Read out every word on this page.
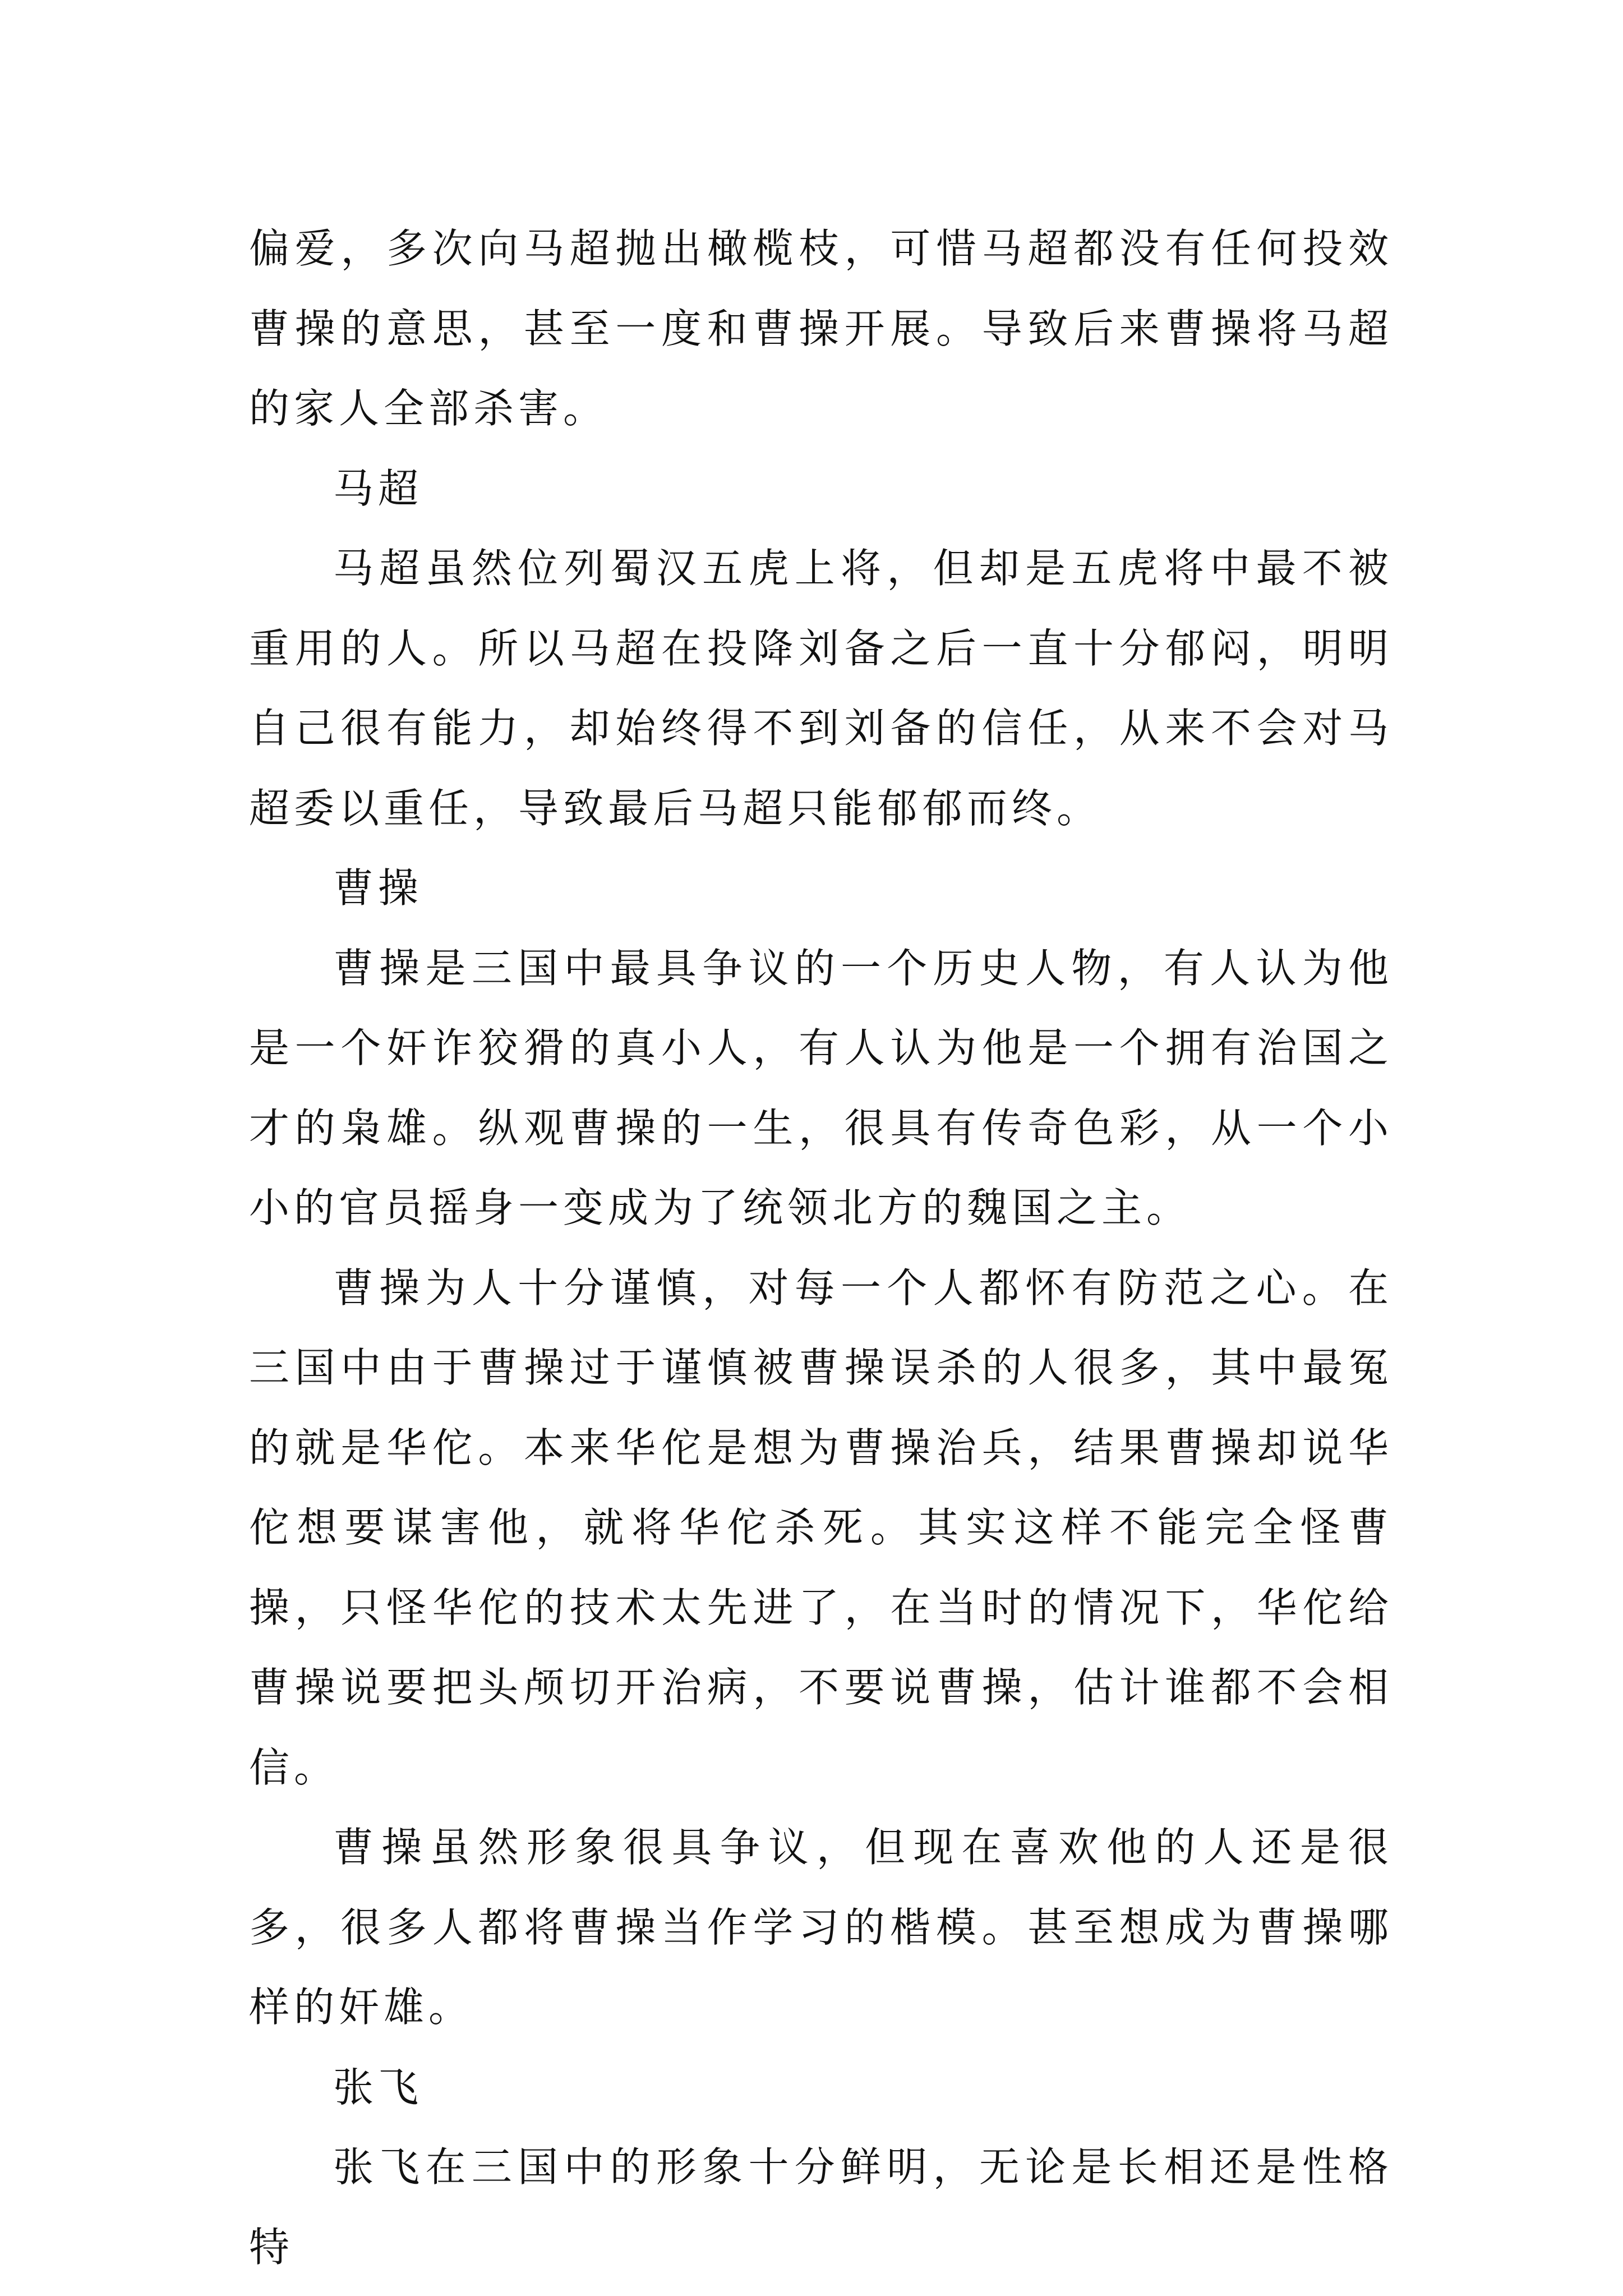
偏爱，多次向马超抛出橄榄枝，可惜马超都没有任何投效曹操的意思，甚至一度和曹操开展。导致后来曹操将马超的家人全部杀害。

马超

马超虽然位列蜀汉五虎上将，但却是五虎将中最不被重用的人。所以马超在投降刘备之后一直十分郁闷，明明自己很有能力，却始终得不到刘备的信任，从来不会对马超委以重任，导致最后马超只能郁郁而终。

曹操

曹操是三国中最具争议的一个历史人物，有人认为他是一个奸诈狡猾的真小人，有人认为他是一个拥有治国之才的枭雄。纵观曹操的一生，很具有传奇色彩，从一个小小的官员摇身一变成为了统领北方的魏国之主。

曹操为人十分谨慎，对每一个人都怀有防范之心。在三国中由于曹操过于谨慎被曹操误杀的人很多，其中最冤的就是华佗。本来华佗是想为曹操治兵，结果曹操却说华佗想要谋害他，就将华佗杀死。其实这样不能完全怪曹操，只怪华佗的技术太先进了，在当时的情况下，华佗给曹操说要把头颅切开治病，不要说曹操，估计谁都不会相信。

曹操虽然形象很具争议，但现在喜欢他的人还是很多，很多人都将曹操当作学习的楷模。甚至想成为曹操哪样的奸雄。

张飞

张飞在三国中的形象十分鲜明，无论是长相还是性格特
